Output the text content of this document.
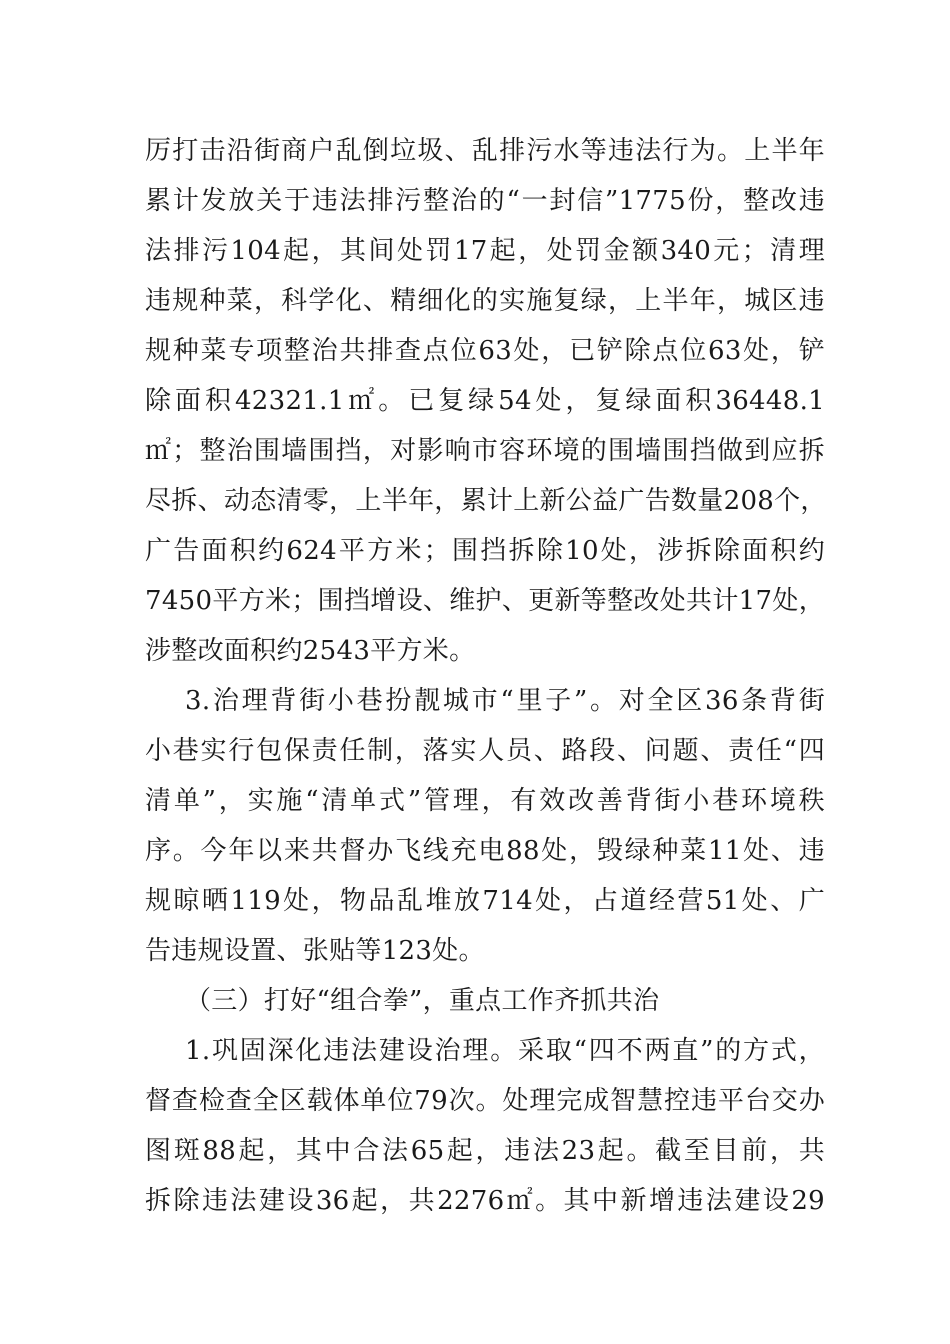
厉打击沿街商户乱倒垃圾、乱排污水等违法行为。上半年
累计发放关于违法排污整治的“一封信”1775份，整改违
法排污104起，其间处罚17起，处罚金额340元；清理
违规种菜，科学化、精细化的实施复绿，上半年，城区违
规种菜专项整治共排查点位63处，已铲除点位63处，铲
除面积42321.1㎡。已复绿54处，复绿面积36448.1
㎡；整治围墙围挡，对影响市容环境的围墙围挡做到应拆
尽拆、动态清零，上半年，累计上新公益广告数量208个，
广告面积约624平方米；围挡拆除10处，涉拆除面积约
7450平方米；围挡增设、维护、更新等整改处共计17处，
涉整改面积约2543平方米。
3.治理背街小巷扮靓城市“里子”。对全区36条背街
小巷实行包保责任制，落实人员、路段、问题、责任“四
清单”，实施“清单式”管理，有效改善背街小巷环境秩
序。今年以来共督办飞线充电88处，毁绿种菜11处、违
规晾晒119处，物品乱堆放714处，占道经营51处、广
告违规设置、张贴等123处。
（三）打好“组合拳”，重点工作齐抓共治
1.巩固深化违法建设治理。采取“四不两直”的方式，
督查检查全区载体单位79次。处理完成智慧控违平台交办
图斑88起，其中合法65起，违法23起。截至目前，共
拆除违法建设36起，共2276㎡。其中新增违法建设29
